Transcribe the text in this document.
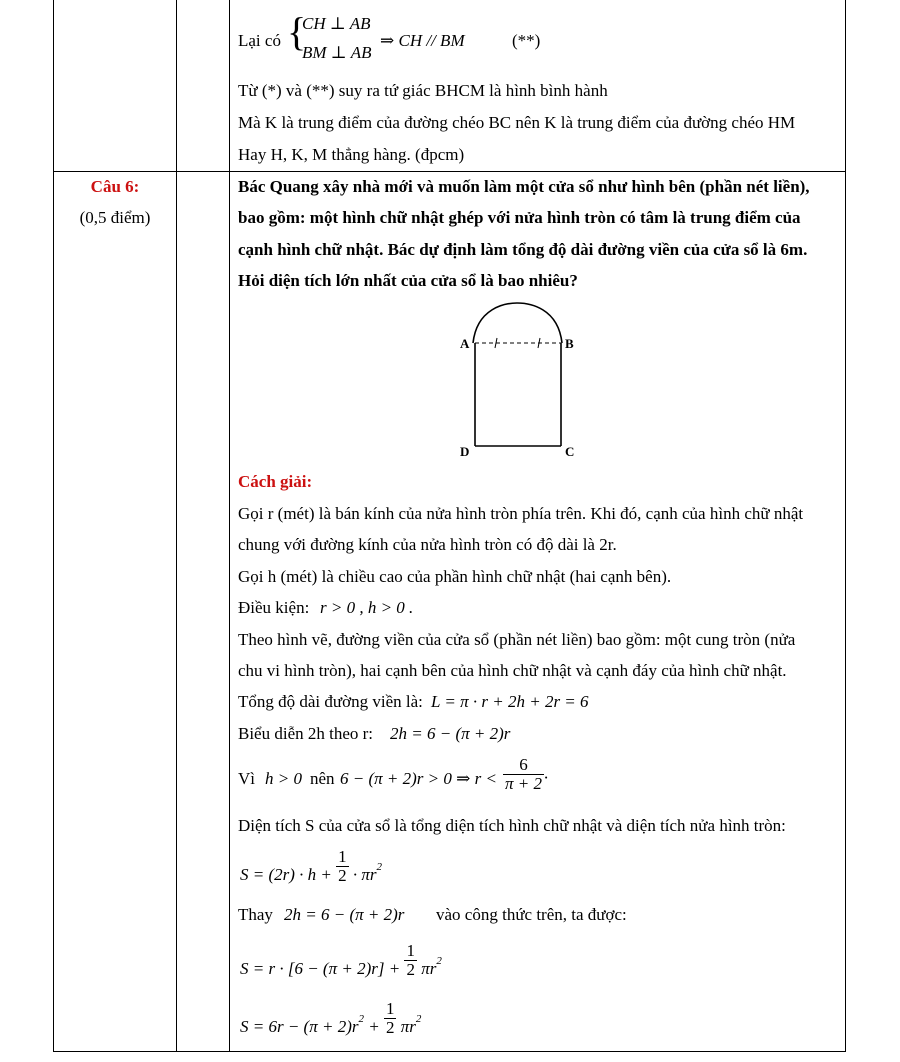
Lại có {
CH ⊥ AB
BM ⊥ AB
⇒ CH // BM	(**)
Từ (*) và (**) suy ra tứ giác BHCM là hình bình hành
Mà K là trung điểm của đường chéo BC nên K là trung điểm của đường chéo HM
Hay H, K, M thẳng hàng. (đpcm)
Câu 6:
(0,5 điểm)
Bác Quang xây nhà mới và muốn làm một cửa sổ như hình bên (phần nét liền),
bao gồm: một hình chữ nhật ghép với nửa hình tròn có tâm là trung điểm của
cạnh hình chữ nhật. Bác dự định làm tổng độ dài đường viền của cửa sổ là 6m.
Hỏi diện tích lớn nhất của cửa sổ là bao nhiêu?
A	B
D	C
Cách giải:
Gọi r (mét) là bán kính của nửa hình tròn phía trên. Khi đó, cạnh của hình chữ nhật
chung với đường kính của nửa hình tròn có độ dài là 2r.
Gọi h (mét) là chiều cao của phần hình chữ nhật (hai cạnh bên).
Điều kiện: r > 0 , h > 0 .
Theo hình vẽ, đường viền của cửa sổ (phần nét liền) bao gồm: một cung tròn (nửa
chu vi hình tròn), hai cạnh bên của hình chữ nhật và cạnh đáy của hình chữ nhật.
Tổng độ dài đường viền là: L = π · r + 2h + 2r = 6
Biểu diễn 2h theo r: 2h = 6 − (π + 2)r
Vì h > 0 nên 6 − (π + 2)r > 0 ⇒ $r < \frac{6}{\pi + 2}$ .
Diện tích S của cửa sổ là tổng diện tích hình chữ nhật và diện tích nửa hình tròn:
$S = (2r) \cdot h + \frac{1}{2} \cdot \pi r^2$
Thay 2h = 6 − (π + 2)r vào công thức trên, ta được:
$S = r \cdot [6 - (\pi + 2)r] + \frac{1}{2} \pi r^2$
$S = 6r - (\pi + 2)r^2 + \frac{1}{2} \pi r^2$
